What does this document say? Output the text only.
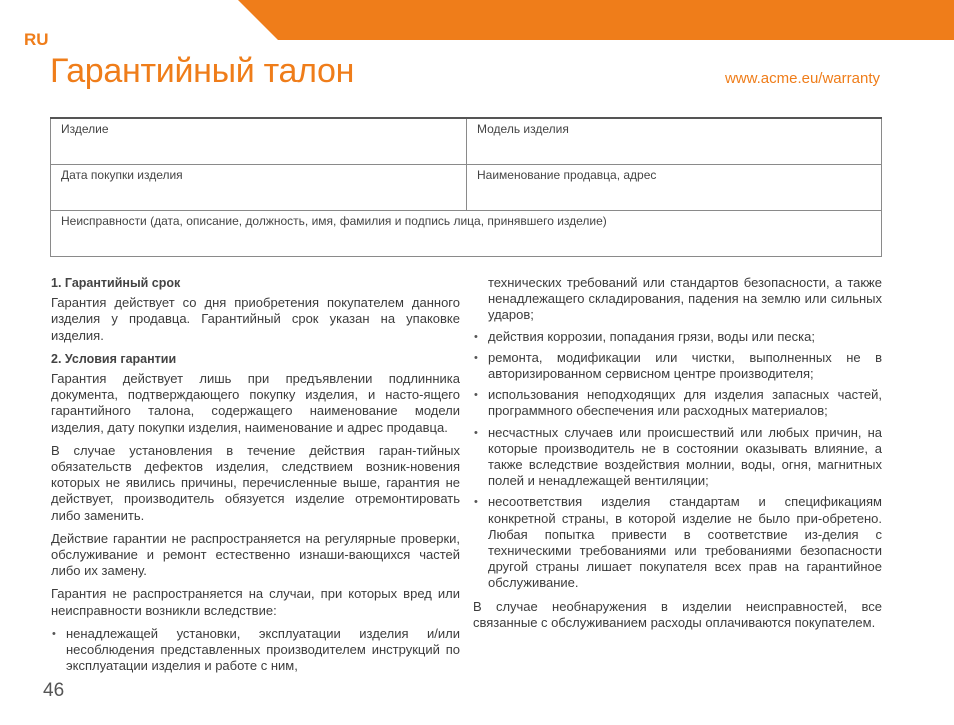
RU
Гарантийный талон	www.acme.eu/warranty
Изделие	Модель изделия
Дата покупки изделия	Наименование продавца, адрес
Неисправности (дата, описание, должность, имя, фамилия и подпись лица, принявшего изделие)	
1. Гарантийный срок

Гарантия действует со дня приобретения покупателем данного изделия у продавца. Гарантийный срок указан на упаковке изделия.

2. Условия гарантии

Гарантия действует лишь при предъявлении подлинника документа, подтверждающего покупку изделия, и насто-ящего гарантийного талона, содержащего наименование модели изделия, дату покупки изделия, наименование и адрес продавца.

В случае установления в течение действия гаран-тийных обязательств дефектов изделия, следствием возник-новения которых не явились причины, перечисленные выше, гарантия не действует, производитель обязуется изделие отремонтировать либо заменить.

Действие гарантии не распространяется на регулярные проверки, обслуживание и ремонт естественно изнаши-вающихся частей либо их замену.

Гарантия не распространяется на случаи, при которых вред или неисправности возникли вследствие:

• ненадлежащей установки, эксплуатации изделия и/или несоблюдения представленных производителем инструкций по эксплуатации изделия и работе с ним,
технических требований или стандартов безопасности, а также ненадлежащего складирования, падения на землю или сильных ударов;
• действия коррозии, попадания грязи, воды или песка;
• ремонта, модификации или чистки, выполненных не в авторизированном сервисном центре производителя;
• использования неподходящих для изделия запасных частей, программного обеспечения или расходных материалов;
• несчастных случаев или происшествий или любых причин, на которые производитель не в состоянии оказывать влияние, а также вследствие воздействия молнии, воды, огня, магнитных полей и ненадлежащей вентиляции;
• несоответствия изделия стандартам и спецификациям конкретной страны, в которой изделие не было при-обретено. Любая попытка привести в соответствие из-делия с техническими требованиями или требованиями безопасности другой страны лишает покупателя всех прав на гарантийное обслуживание.

В случае необнаружения в изделии неисправностей, все связанные с обслуживанием расходы оплачиваются покупателем.

46
